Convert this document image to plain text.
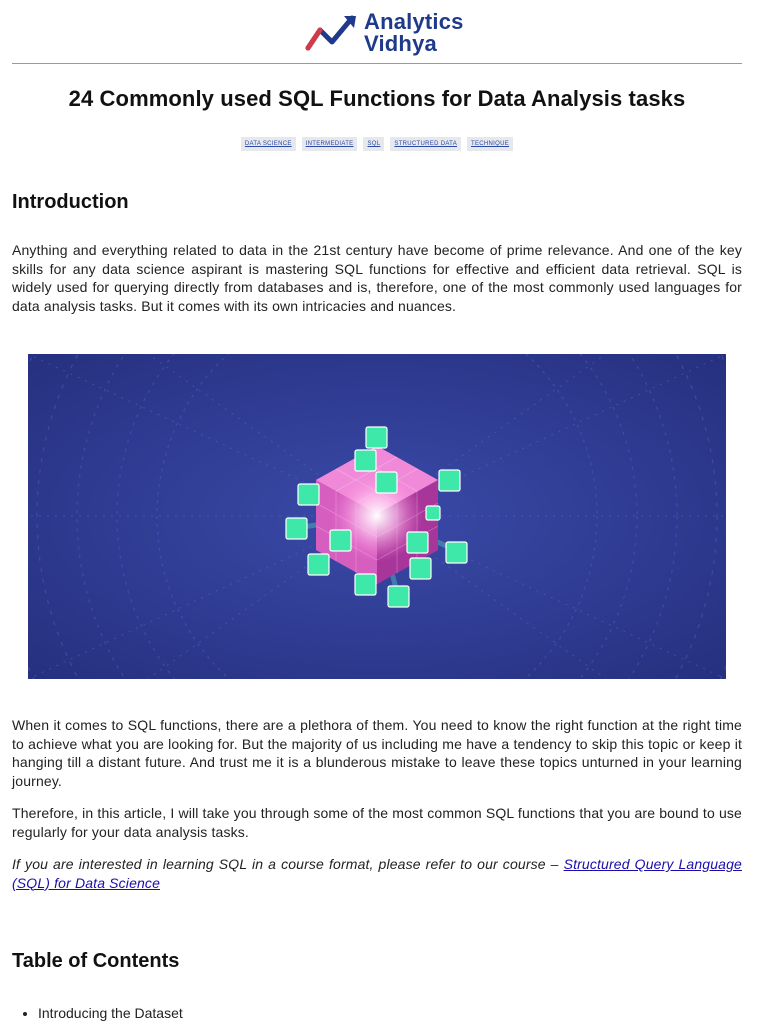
Analytics
Vidhya
24 Commonly used SQL Functions for Data Analysis tasks
DATA SCIENCE INTERMEDIATE SQL STRUCTURED DATA TECHNIQUE
Introduction

Anything and everything related to data in the 21st century have become of prime relevance. And one of the key skills for any data science aspirant is mastering SQL functions for effective and efficient data retrieval. SQL is widely used for querying directly from databases and is, therefore, one of the most commonly used languages for data analysis tasks. But it comes with its own intricacies and nuances.

When it comes to SQL functions, there are a plethora of them. You need to know the right function at the right time to achieve what you are looking for. But the majority of us including me have a tendency to skip this topic or keep it hanging till a distant future. And trust me it is a blunderous mistake to leave these topics unturned in your learning journey.

Therefore, in this article, I will take you through some of the most common SQL functions that you are bound to use regularly for your data analysis tasks.

If you are interested in learning SQL in a course format, please refer to our course – Structured Query Language (SQL) for Data Science

Table of Contents
• Introducing the Dataset
